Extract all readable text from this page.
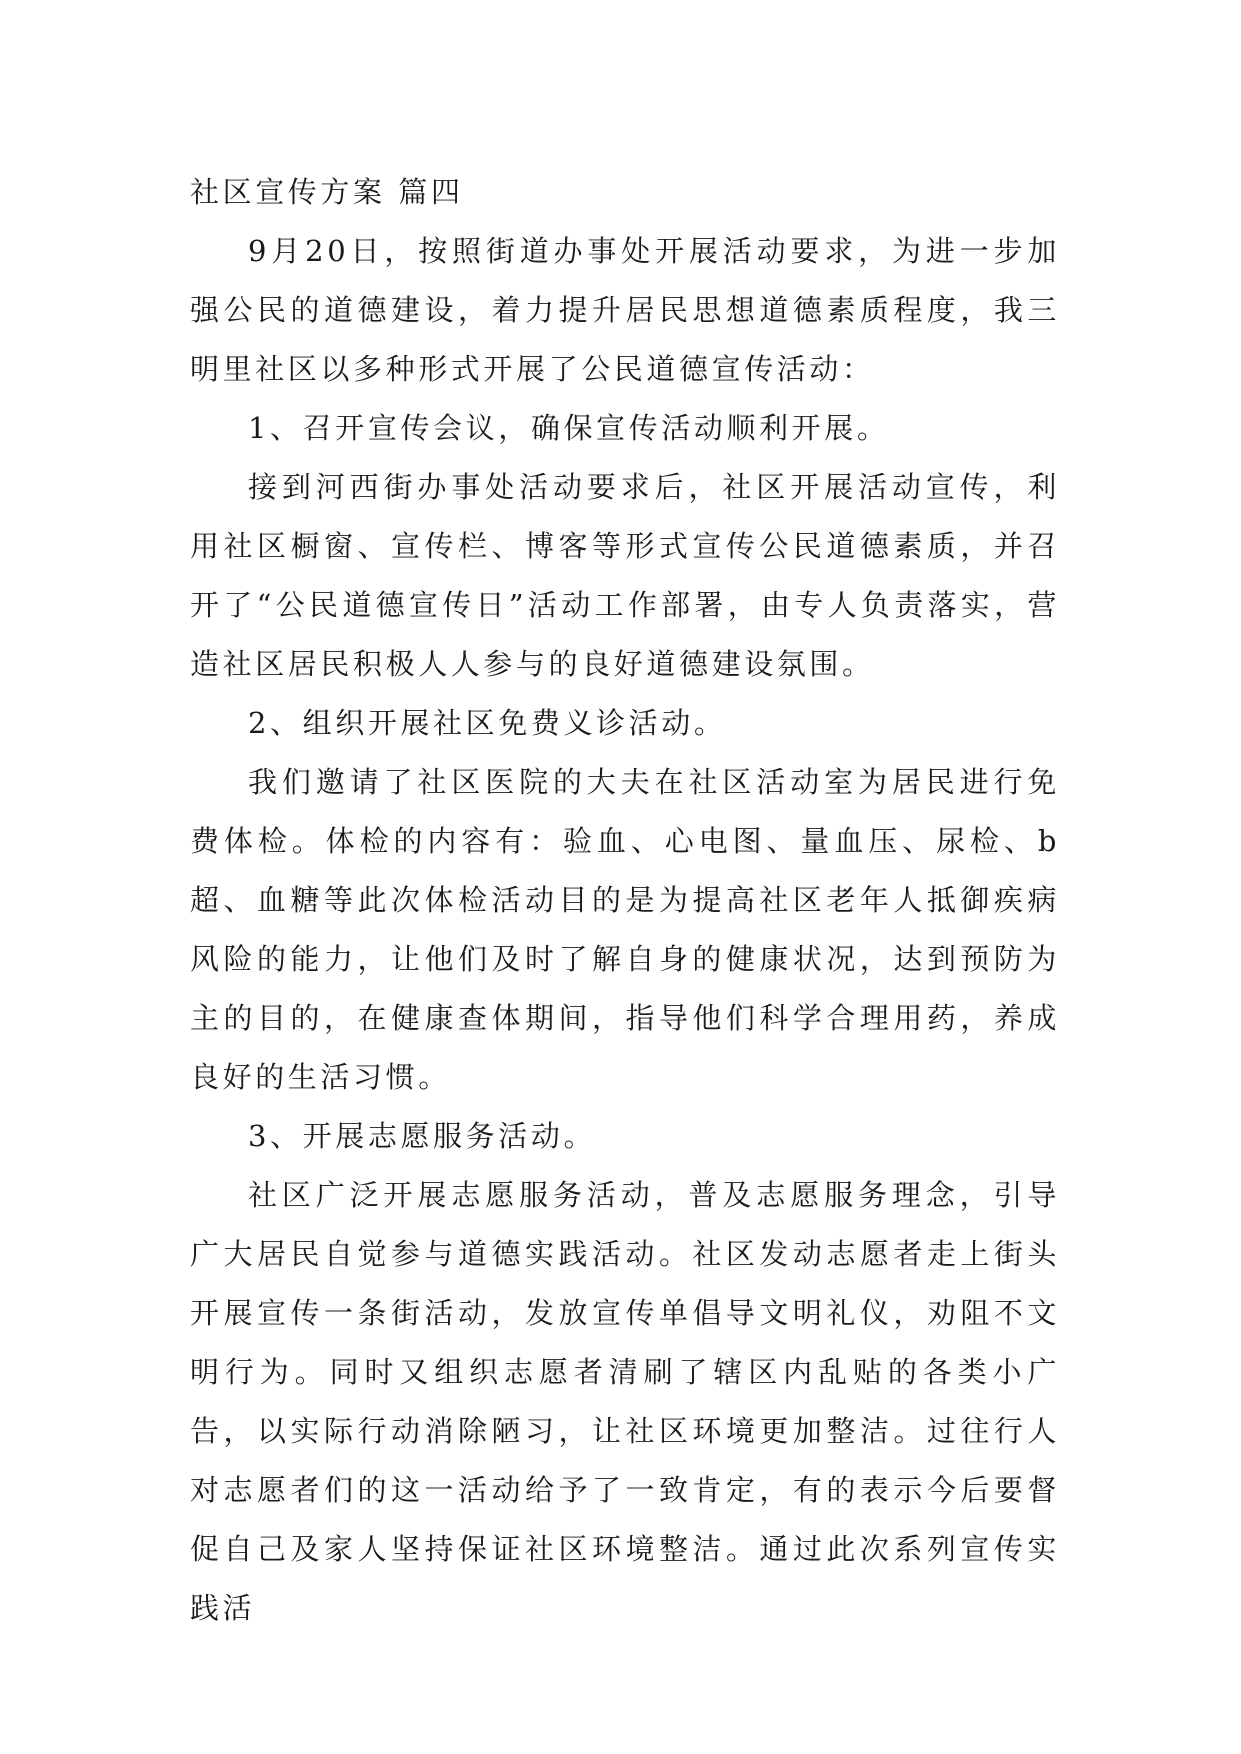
社区宣传方案 篇四

9月20日，按照街道办事处开展活动要求，为进一步加强公民的道德建设，着力提升居民思想道德素质程度，我三明里社区以多种形式开展了公民道德宣传活动：

1、召开宣传会议，确保宣传活动顺利开展。

接到河西街办事处活动要求后，社区开展活动宣传，利用社区橱窗、宣传栏、博客等形式宣传公民道德素质，并召开了“公民道德宣传日”活动工作部署，由专人负责落实，营造社区居民积极人人参与的良好道德建设氛围。

2、组织开展社区免费义诊活动。

我们邀请了社区医院的大夫在社区活动室为居民进行免费体检。体检的内容有：验血、心电图、量血压、尿检、b超、血糖等此次体检活动目的是为提高社区老年人抵御疾病风险的能力，让他们及时了解自身的健康状况，达到预防为主的目的，在健康查体期间，指导他们科学合理用药，养成良好的生活习惯。

3、开展志愿服务活动。

社区广泛开展志愿服务活动，普及志愿服务理念，引导广大居民自觉参与道德实践活动。社区发动志愿者走上街头开展宣传一条街活动，发放宣传单倡导文明礼仪，劝阻不文明行为。同时又组织志愿者清刷了辖区内乱贴的各类小广告，以实际行动消除陋习，让社区环境更加整洁。过往行人对志愿者们的这一活动给予了一致肯定，有的表示今后要督促自己及家人坚持保证社区环境整洁。通过此次系列宣传实践活
